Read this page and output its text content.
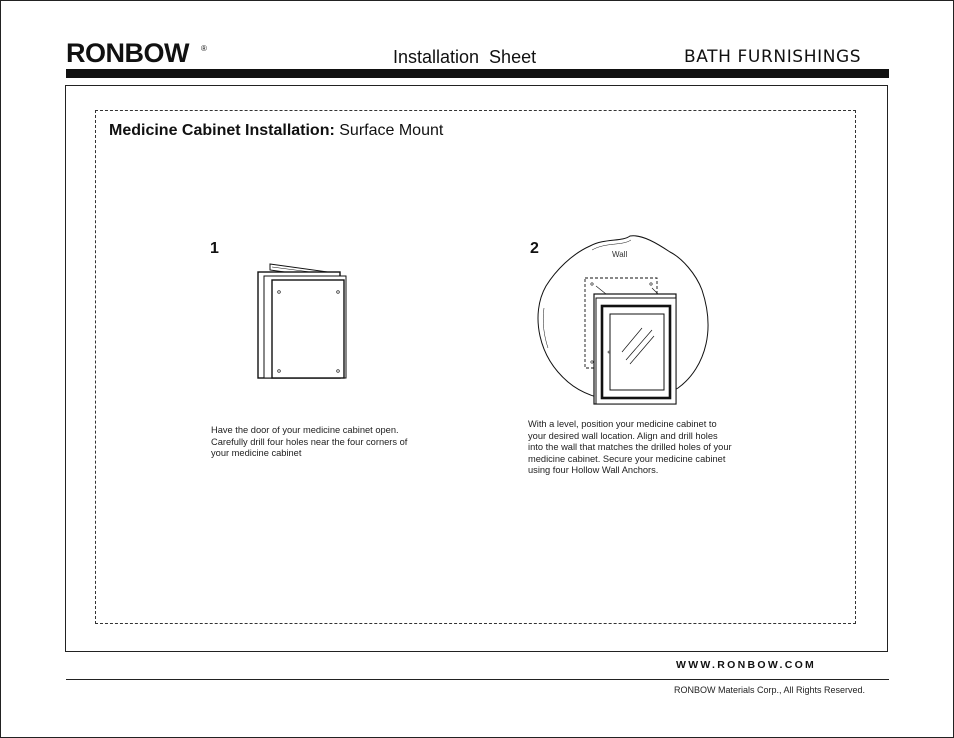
RONBOW ®	Installation  Sheet	BATH FURNISHINGS
Medicine Cabinet Installation: Surface Mount
1
Have the door of your medicine cabinet open. Carefully drill four holes near the four corners of your medicine cabinet
2	Wall
With a level, position your medicine cabinet to your desired wall location. Align and drill holes into the wall that matches the drilled holes of your medicine cabinet. Secure your medicine cabinet using four Hollow Wall Anchors.
WWW.RONBOW.COM
RONBOW Materials Corp., All Rights Reserved.
